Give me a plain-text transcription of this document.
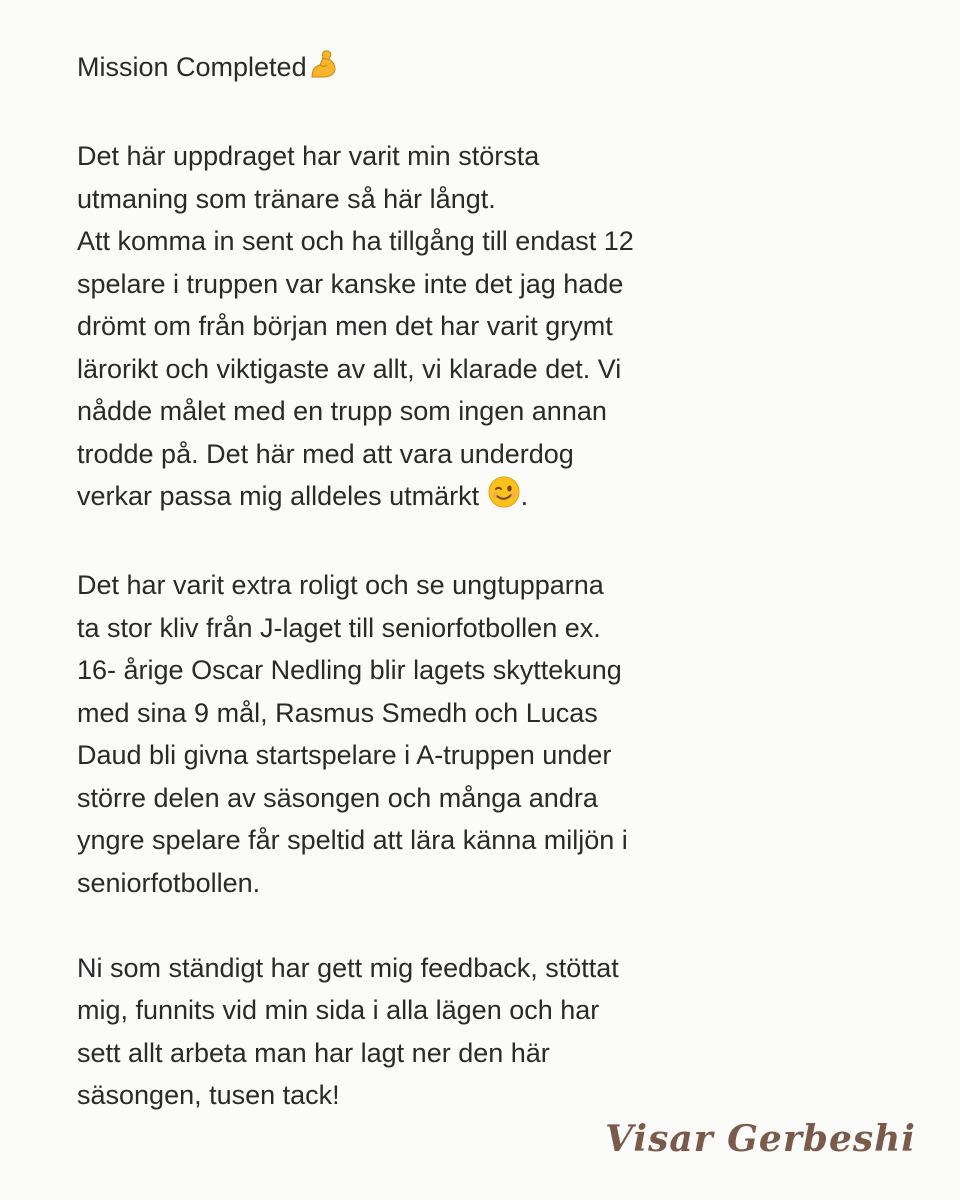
Mission Completed
Det här uppdraget har varit min största
utmaning som tränare så här långt.
Att komma in sent och ha tillgång till endast 12
spelare i truppen var kanske inte det jag hade
drömt om från början men det har varit grymt
lärorikt och viktigaste av allt, vi klarade det. Vi
nådde målet med en trupp som ingen annan
trodde på. Det här med att vara underdog
verkar passa mig alldeles utmärkt .
Det har varit extra roligt och se ungtupparna
ta stor kliv från J-laget till seniorfotbollen ex.
16- årige Oscar Nedling blir lagets skyttekung
med sina 9 mål, Rasmus Smedh och Lucas
Daud bli givna startspelare i A-truppen under
större delen av säsongen och många andra
yngre spelare får speltid att lära känna miljön i
seniorfotbollen.
Ni som ständigt har gett mig feedback, stöttat
mig, funnits vid min sida i alla lägen och har
sett allt arbeta man har lagt ner den här
säsongen, tusen tack!
Visar Gerbeshi
